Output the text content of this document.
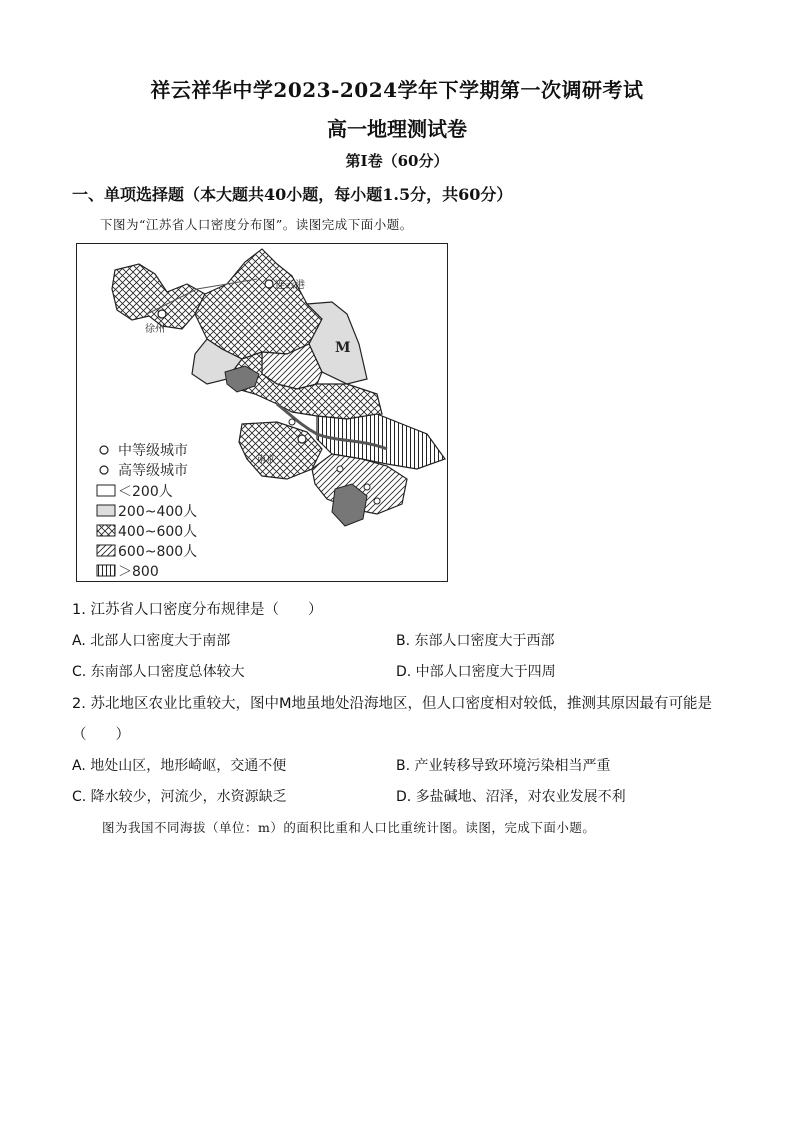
祥云祥华中学2023-2024学年下学期第一次调研考试
高一地理测试卷
第Ⅰ卷（60分）
一、单项选择题（本大题共40小题，每小题1.5分，共60分）
下图为“江苏省人口密度分布图”。读图完成下面小题。
连云港
徐州
M
南京
中等级城市
高等级城市
＜200人
200~400人
400~600人
600~800人
＞800
1. 江苏省人口密度分布规律是（　　）
A. 北部人口密度大于南部	B. 东部人口密度大于西部
C. 东南部人口密度总体较大	D. 中部人口密度大于四周
2. 苏北地区农业比重较大，图中M地虽地处沿海地区，但人口密度相对较低，推测其原因最有可能是
（　　）
A. 地处山区，地形崎岖，交通不便	B. 产业转移导致环境污染相当严重
C. 降水较少，河流少，水资源缺乏	D. 多盐碱地、沼泽，对农业发展不利
图为我国不同海拔（单位：m）的面积比重和人口比重统计图。读图，完成下面小题。
